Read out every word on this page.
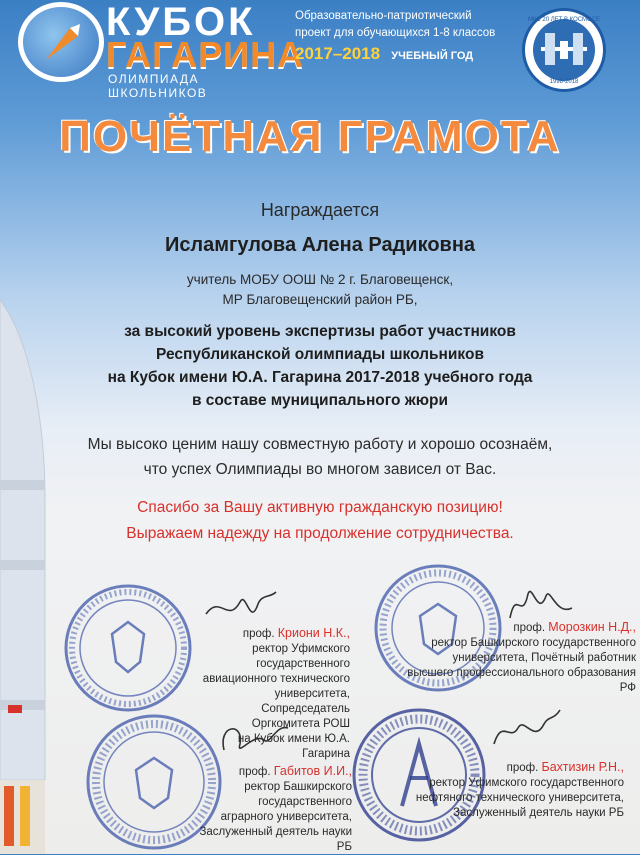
КУБОК
ГАГАРИНА
ОЛИМПИАДА ШКОЛЬНИКОВ
Образовательно-патриотический
проект для обучающихся 1-8 классов
2017–2018 УЧЕБНЫЙ ГОД
МКС 20 ЛЕТ В КОСМОСЕ
1998-2018
ПОЧЁТНАЯ ГРАМОТА
Награждается
Исламгулова Алена Радиковна
учитель МОБУ ООШ № 2 г. Благовещенск,
МР Благовещенский район РБ,
за высокий уровень экспертизы работ участников
Республиканской олимпиады школьников
на Кубок имени Ю.А. Гагарина 2017-2018 учебного года
в составе муниципального жюри
Мы высоко ценим нашу совместную работу и хорошо осознаём,
что успех Олимпиады во многом зависел от Вас.
Спасибо за Вашу активную гражданскую позицию!
Выражаем надежду на продолжение сотрудничества.
проф. Криони Н.К.,
ректор Уфимского государственного
авиационного технического университета,
Сопредседатель Оргкомитета РОШ
на Кубок имени Ю.А. Гагарина
проф. Морозкин Н.Д.,
ректор Башкирского государственного
университета, Почётный работник
высшего профессионального образования РФ
проф. Габитов И.И.,
ректор Башкирского государственного
аграрного университета,
Заслуженный деятель науки РБ
проф. Бахтизин Р.Н.,
ректор Уфимского государственного
нефтяного технического университета,
Заслуженный деятель науки РБ
